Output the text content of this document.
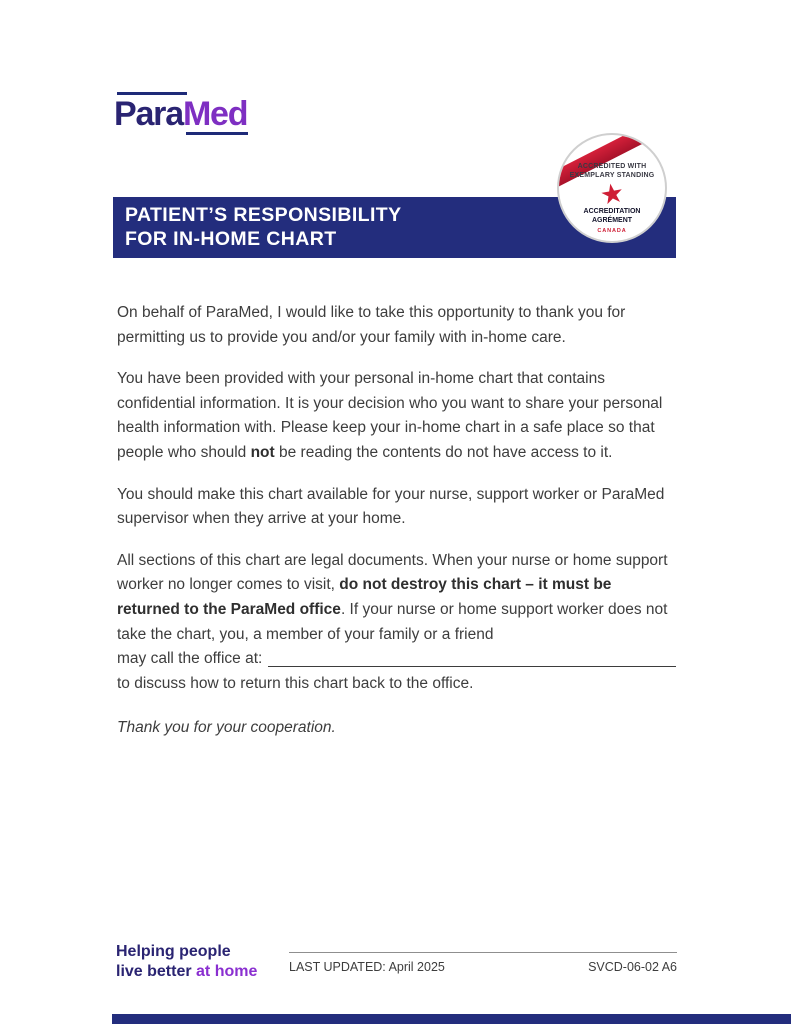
ParaMed
ACCREDITED WITH
EXEMPLARY STANDING
★
ACCREDITATION
AGRÉMENT
CANADA
PATIENT’S RESPONSIBILITY
FOR IN-HOME CHART

On behalf of ParaMed, I would like to take this opportunity to thank you for permitting us to provide you and/or your family with in-home care.

You have been provided with your personal in-home chart that contains confidential information. It is your decision who you want to share your personal health information with. Please keep your in-home chart in a safe place so that people who should not be reading the contents do not have access to it.

You should make this chart available for your nurse, support worker or ParaMed supervisor when they arrive at your home.

All sections of this chart are legal documents. When your nurse or home support worker no longer comes to visit, do not destroy this chart – it must be returned to the ParaMed office. If your nurse or home support worker does not take the chart, you, a member of your family or a friend

may call the office at:

to discuss how to return this chart back to the office.

Thank you for your cooperation.

Helping people
live better at home	LAST UPDATED: April 2025	SVCD-06-02 A6
